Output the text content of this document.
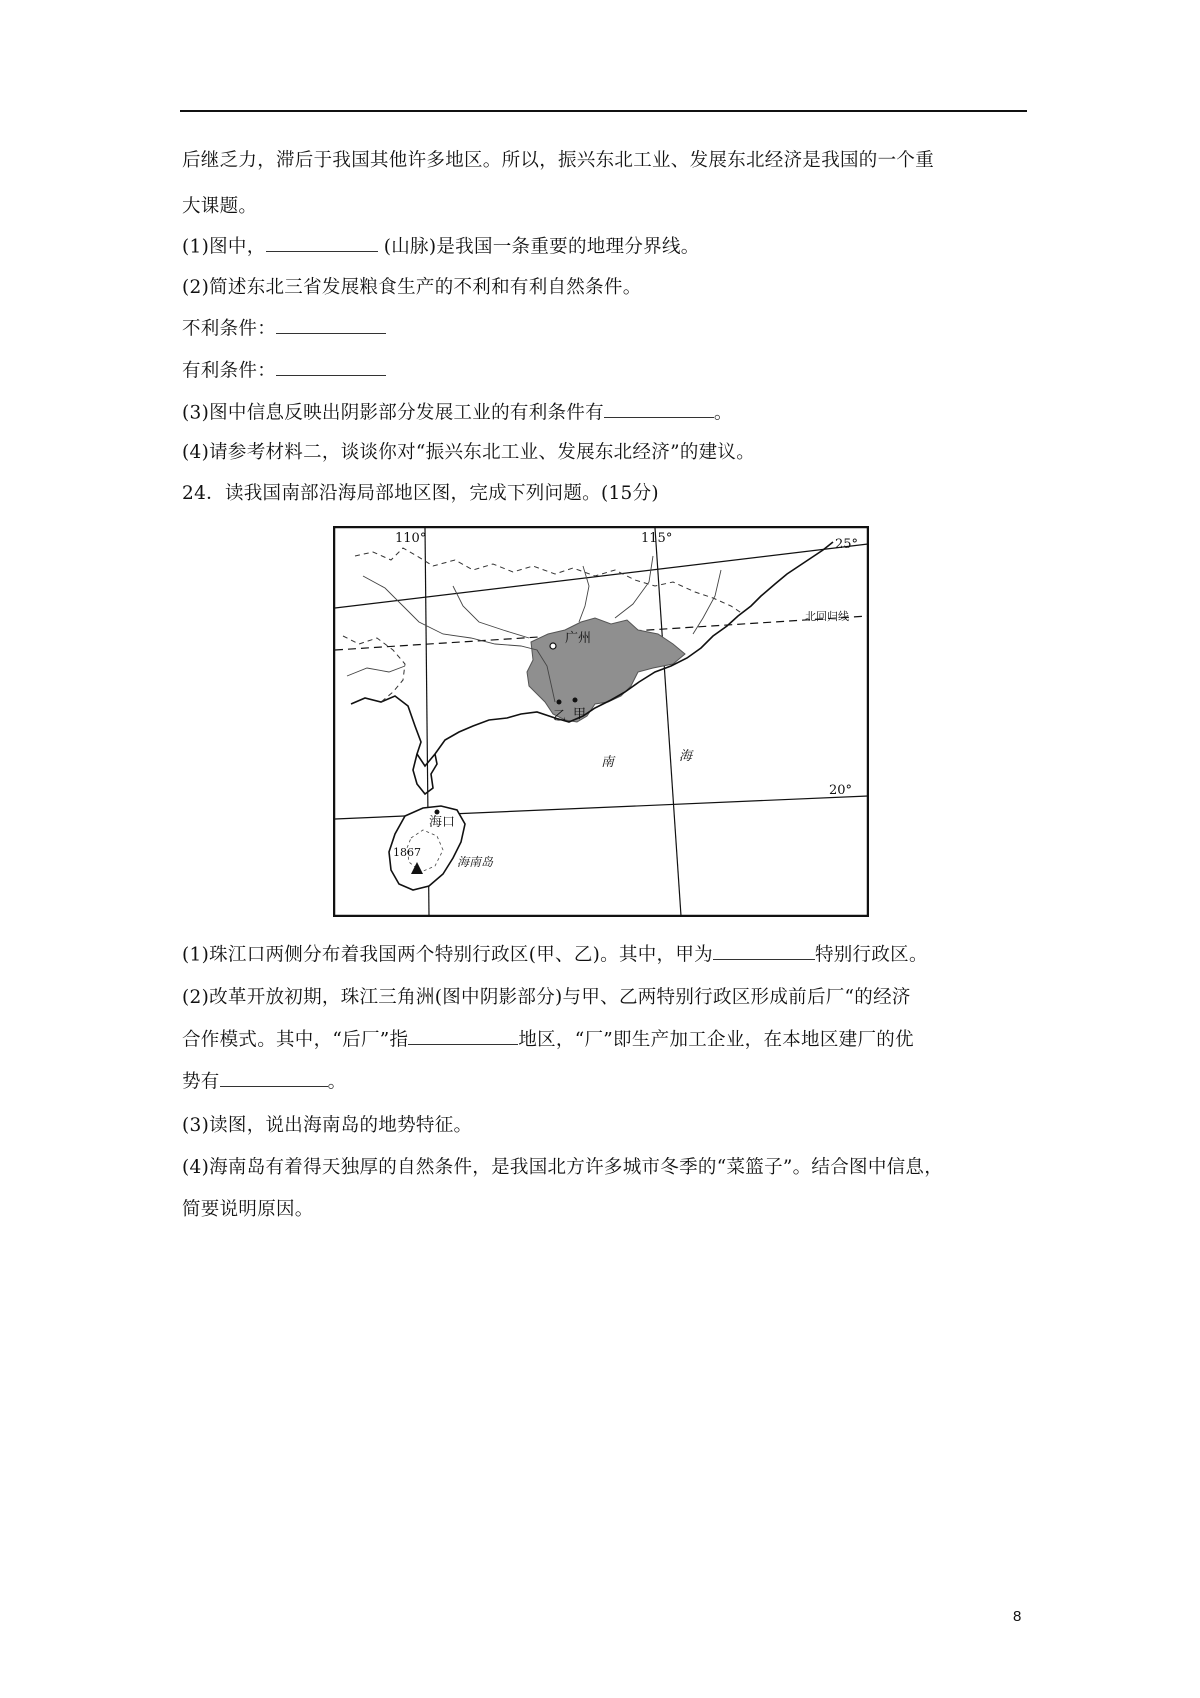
后继乏力，滞后于我国其他许多地区。所以，振兴东北工业、发展东北经济是我国的一个重
大课题。
(1)图中，	(山脉)是我国一条重要的地理分界线。
(2)简述东北三省发展粮食生产的不利和有利自然条件。
不利条件：
有利条件：
(3)图中信息反映出阴影部分发展工业的有利条件有	。
(4)请参考材料二，谈谈你对“振兴东北工业、发展东北经济”的建议。
24．读我国南部沿海局部地区图，完成下列问题。(15分)
110°	115°	25°
20°
北回归线
广州
甲
乙
海口
南	海
海南岛
1867
(1)珠江口两侧分布着我国两个特别行政区(甲、乙)。其中，甲为	特别行政区。
(2)改革开放初期，珠江三角洲(图中阴影部分)与甲、乙两特别行政区形成前后厂“的经济
合作模式。其中，“后厂”指	地区，“厂”即生产加工企业，在本地区建厂的优
势有	。
(3)读图，说出海南岛的地势特征。
(4)海南岛有着得天独厚的自然条件，是我国北方许多城市冬季的“菜篮子”。结合图中信息，
简要说明原因。
8
